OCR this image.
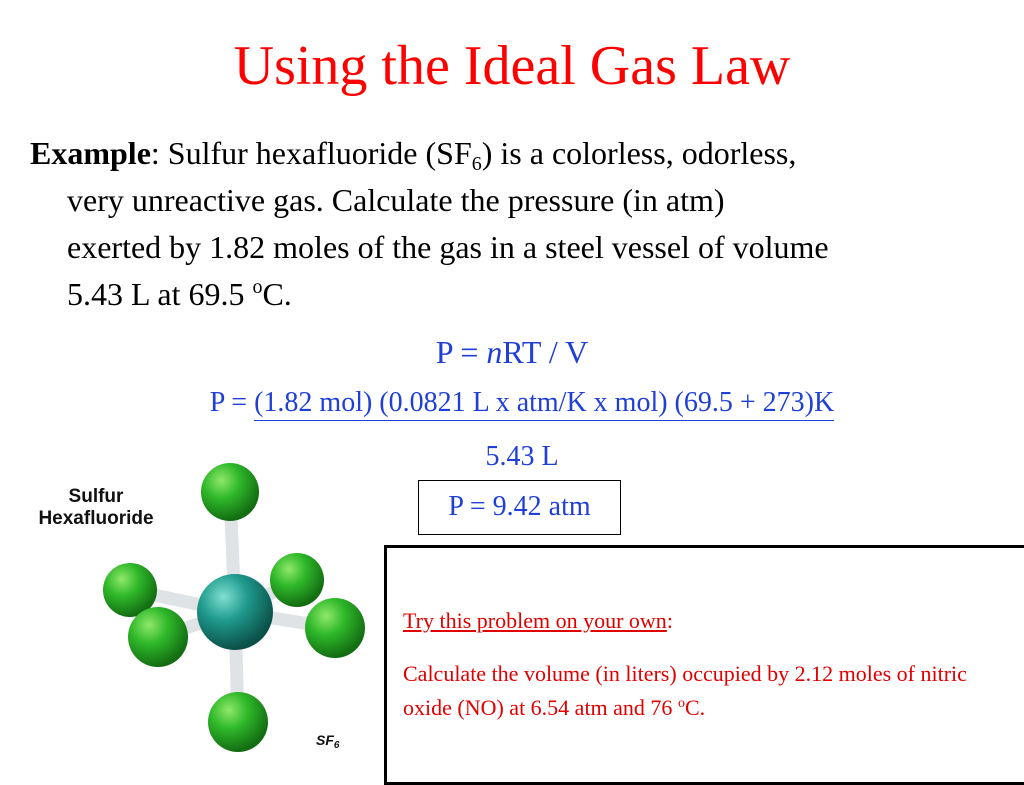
Using the Ideal Gas Law
Example: Sulfur hexafluoride $(SF_6)$ is a colorless, odorless,
very unreactive gas. Calculate the pressure (in atm)
exerted by 1.82 moles of the gas in a steel vessel of volume
5.43 L at 69.5 $^o$C.
P = nRT / V
P = (1.82 mol) (0.0821 L x atm/K x mol) (69.5 + 273)K
5.43 L
P = 9.42 atm
Sulfur
Hexafluoride
$SF_6$
Try this problem on your own:
Calculate the volume (in liters) occupied by 2.12 moles of nitric oxide (NO) at 6.54 atm and 76 $^o$C.
